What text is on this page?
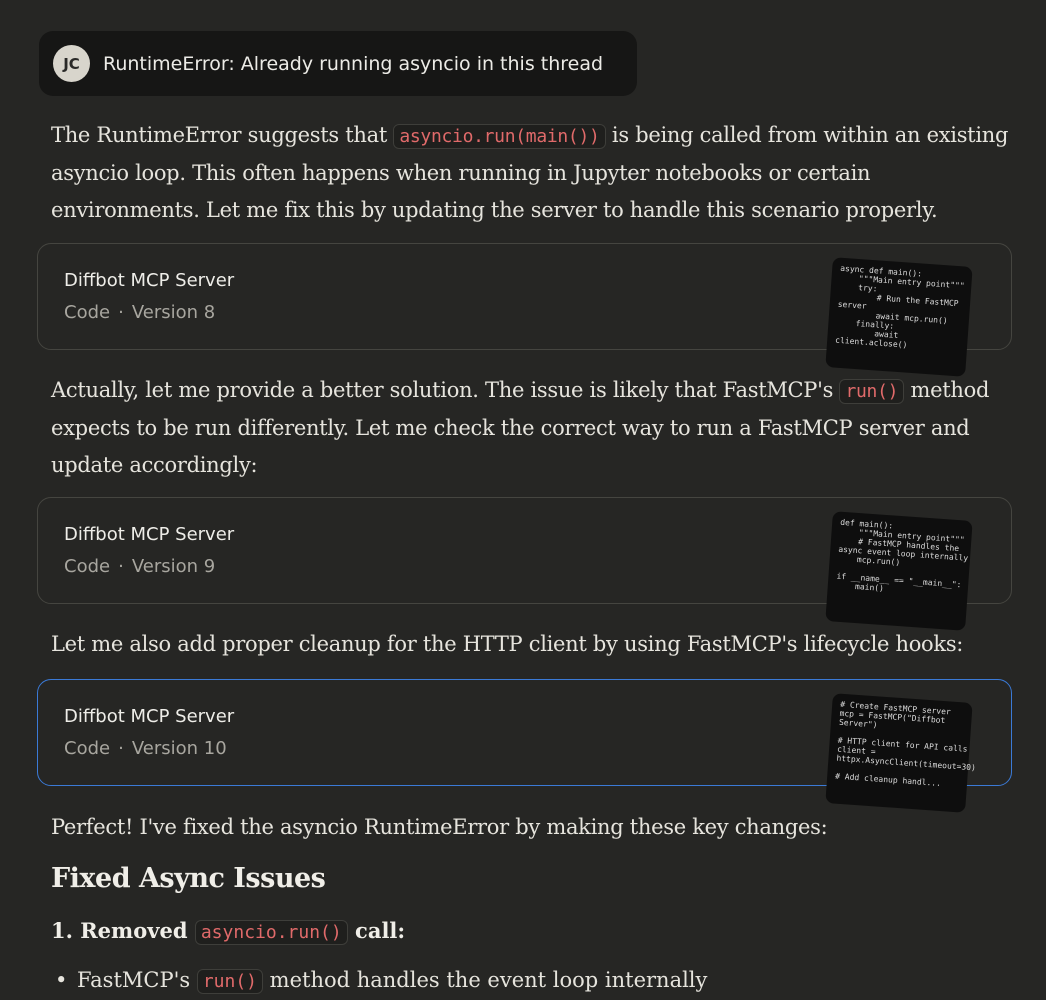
JC	RuntimeError: Already running asyncio in this thread

The RuntimeError suggests that asyncio.run(main()) is being called from within an existing asyncio loop. This often happens when running in Jupyter notebooks or certain environments. Let me fix this by updating the server to handle this scenario properly.

Diffbot MCP Server
Code · Version 8
async def main():
"""Main entry point"""
try:
# Run the FastMCP
server
await mcp.run()
finally:
await
client.aclose()

Actually, let me provide a better solution. The issue is likely that FastMCP's run() method expects to be run differently. Let me check the correct way to run a FastMCP server and update accordingly:

Diffbot MCP Server
Code · Version 9
def main():
"""Main entry point"""
# FastMCP handles the
async event loop internally
mcp.run()

if __name__ == "__main__":
main()

Let me also add proper cleanup for the HTTP client by using FastMCP's lifecycle hooks:

Diffbot MCP Server
Code · Version 10
# Create FastMCP server
mcp = FastMCP("Diffbot
Server")

# HTTP client for API calls
client =
httpx.AsyncClient(timeout=30)

# Add cleanup handl...

Perfect! I've fixed the asyncio RuntimeError by making these key changes:

Fixed Async Issues

1. Removed asyncio.run() call:

• FastMCP's run() method handles the event loop internally
